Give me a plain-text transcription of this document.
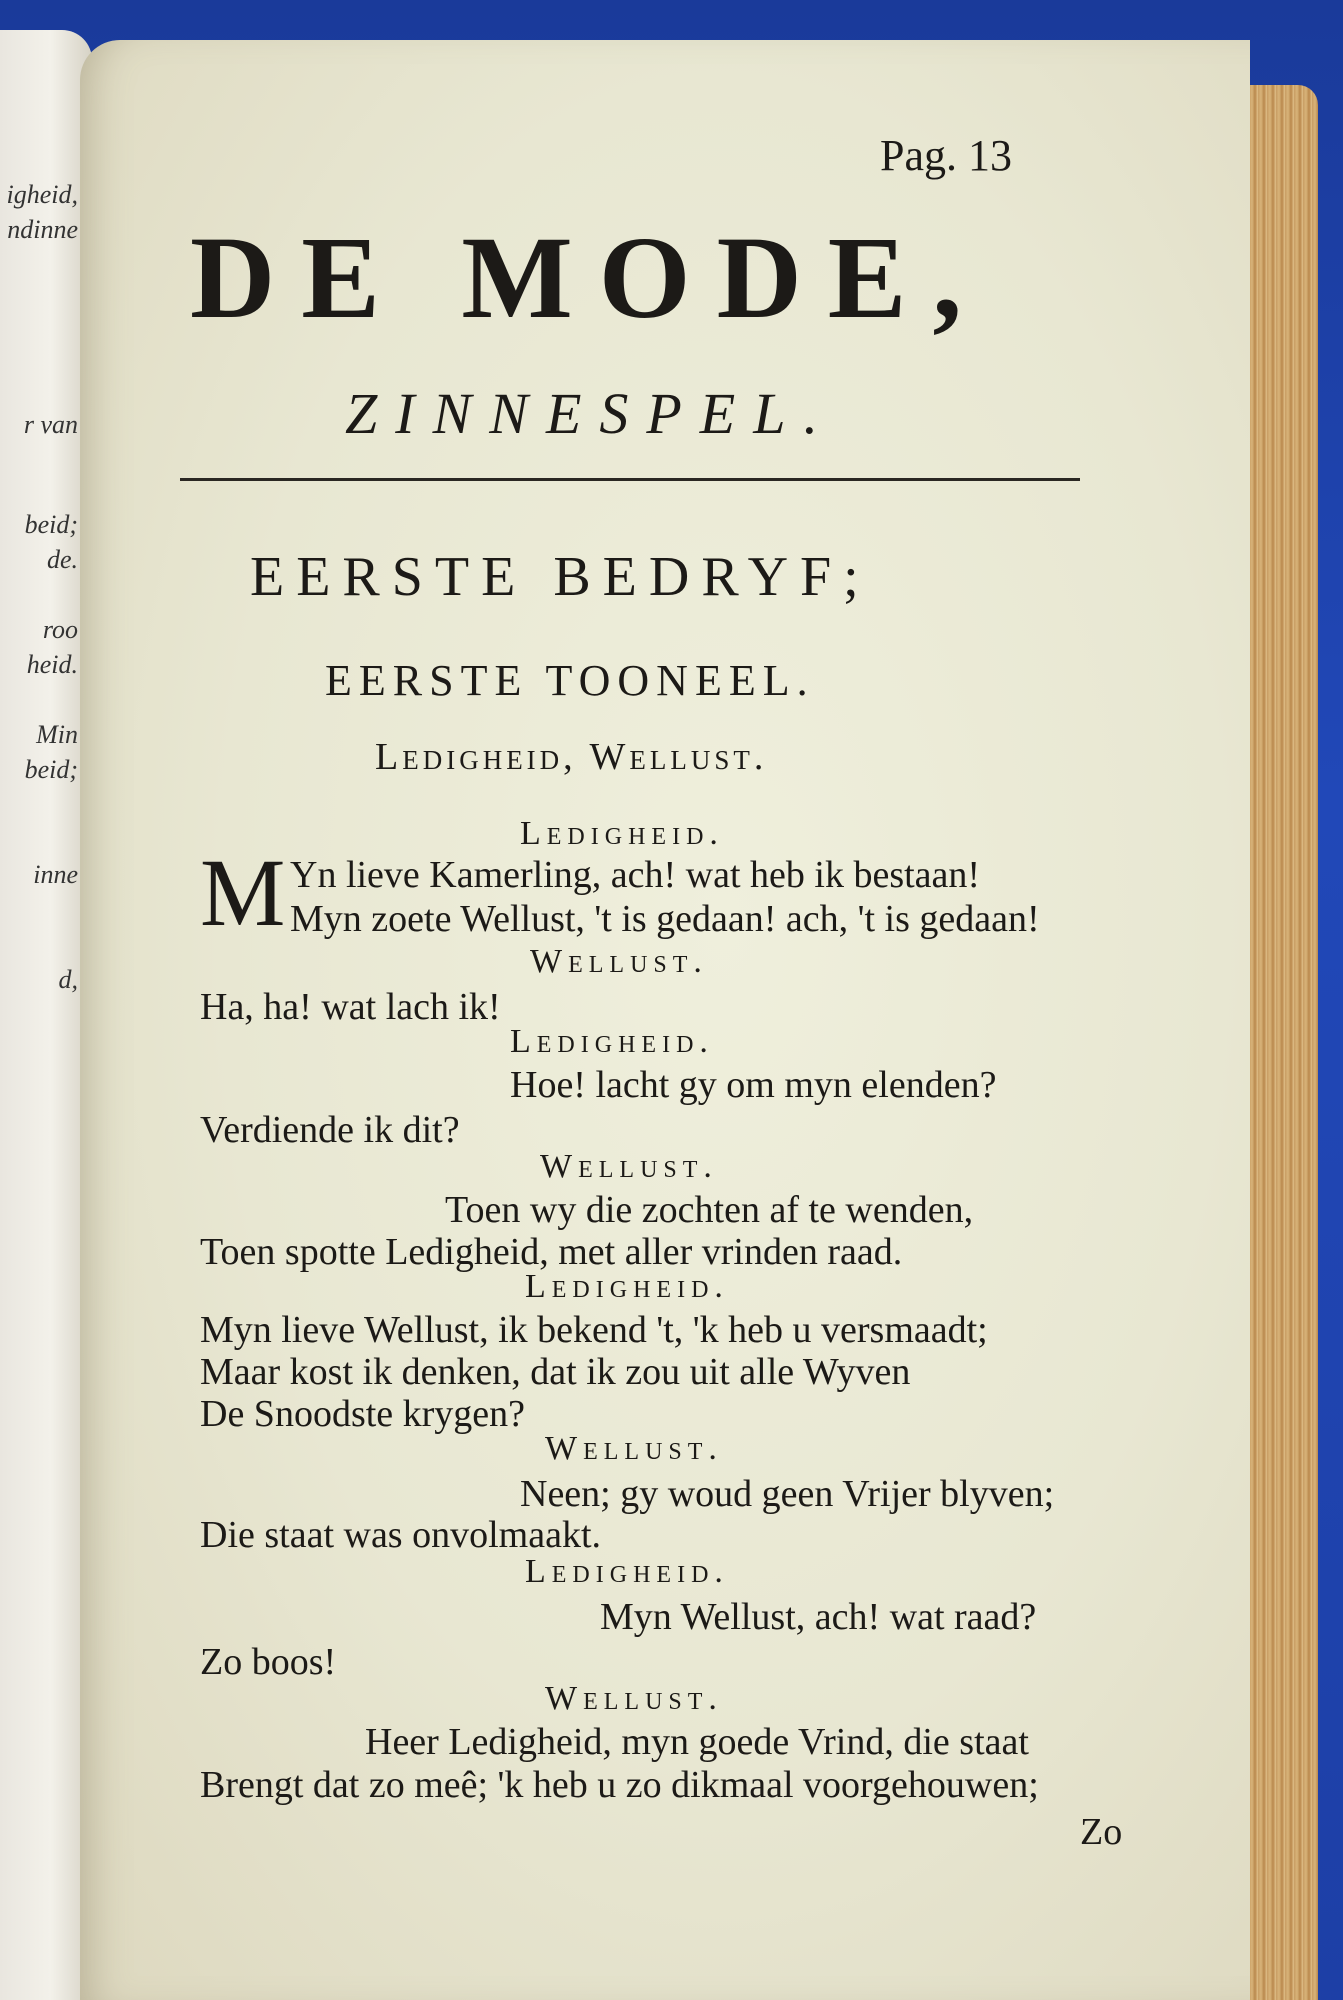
igheid,
ndinne
r van
beid;
de.
roo
heid.
Min
beid;
inne
d,
Pag. 13
DE MODE,
ZINNESPEL.
EERSTE BEDRYF;
EERSTE TOONEEL.
Ledigheid, Wellust.
M
Ledigheid.
Yn lieve Kamerling, ach! wat heb ik bestaan!
Myn zoete Wellust, 't is gedaan! ach, 't is gedaan!
Wellust.
Ha, ha! wat lach ik!
Ledigheid.
Hoe! lacht gy om myn elenden?
Verdiende ik dit?
Wellust.
Toen wy die zochten af te wenden,
Toen spotte Ledigheid, met aller vrinden raad.
Ledigheid.
Myn lieve Wellust, ik bekend 't, 'k heb u versmaadt;
Maar kost ik denken, dat ik zou uit alle Wyven
De Snoodste krygen?
Wellust.
Neen; gy woud geen Vrijer blyven;
Die staat was onvolmaakt.
Ledigheid.
Myn Wellust, ach! wat raad?
Zo boos!
Wellust.
Heer Ledigheid, myn goede Vrind, die staat
Brengt dat zo meê; 'k heb u zo dikmaal voorgehouwen;
Zo
